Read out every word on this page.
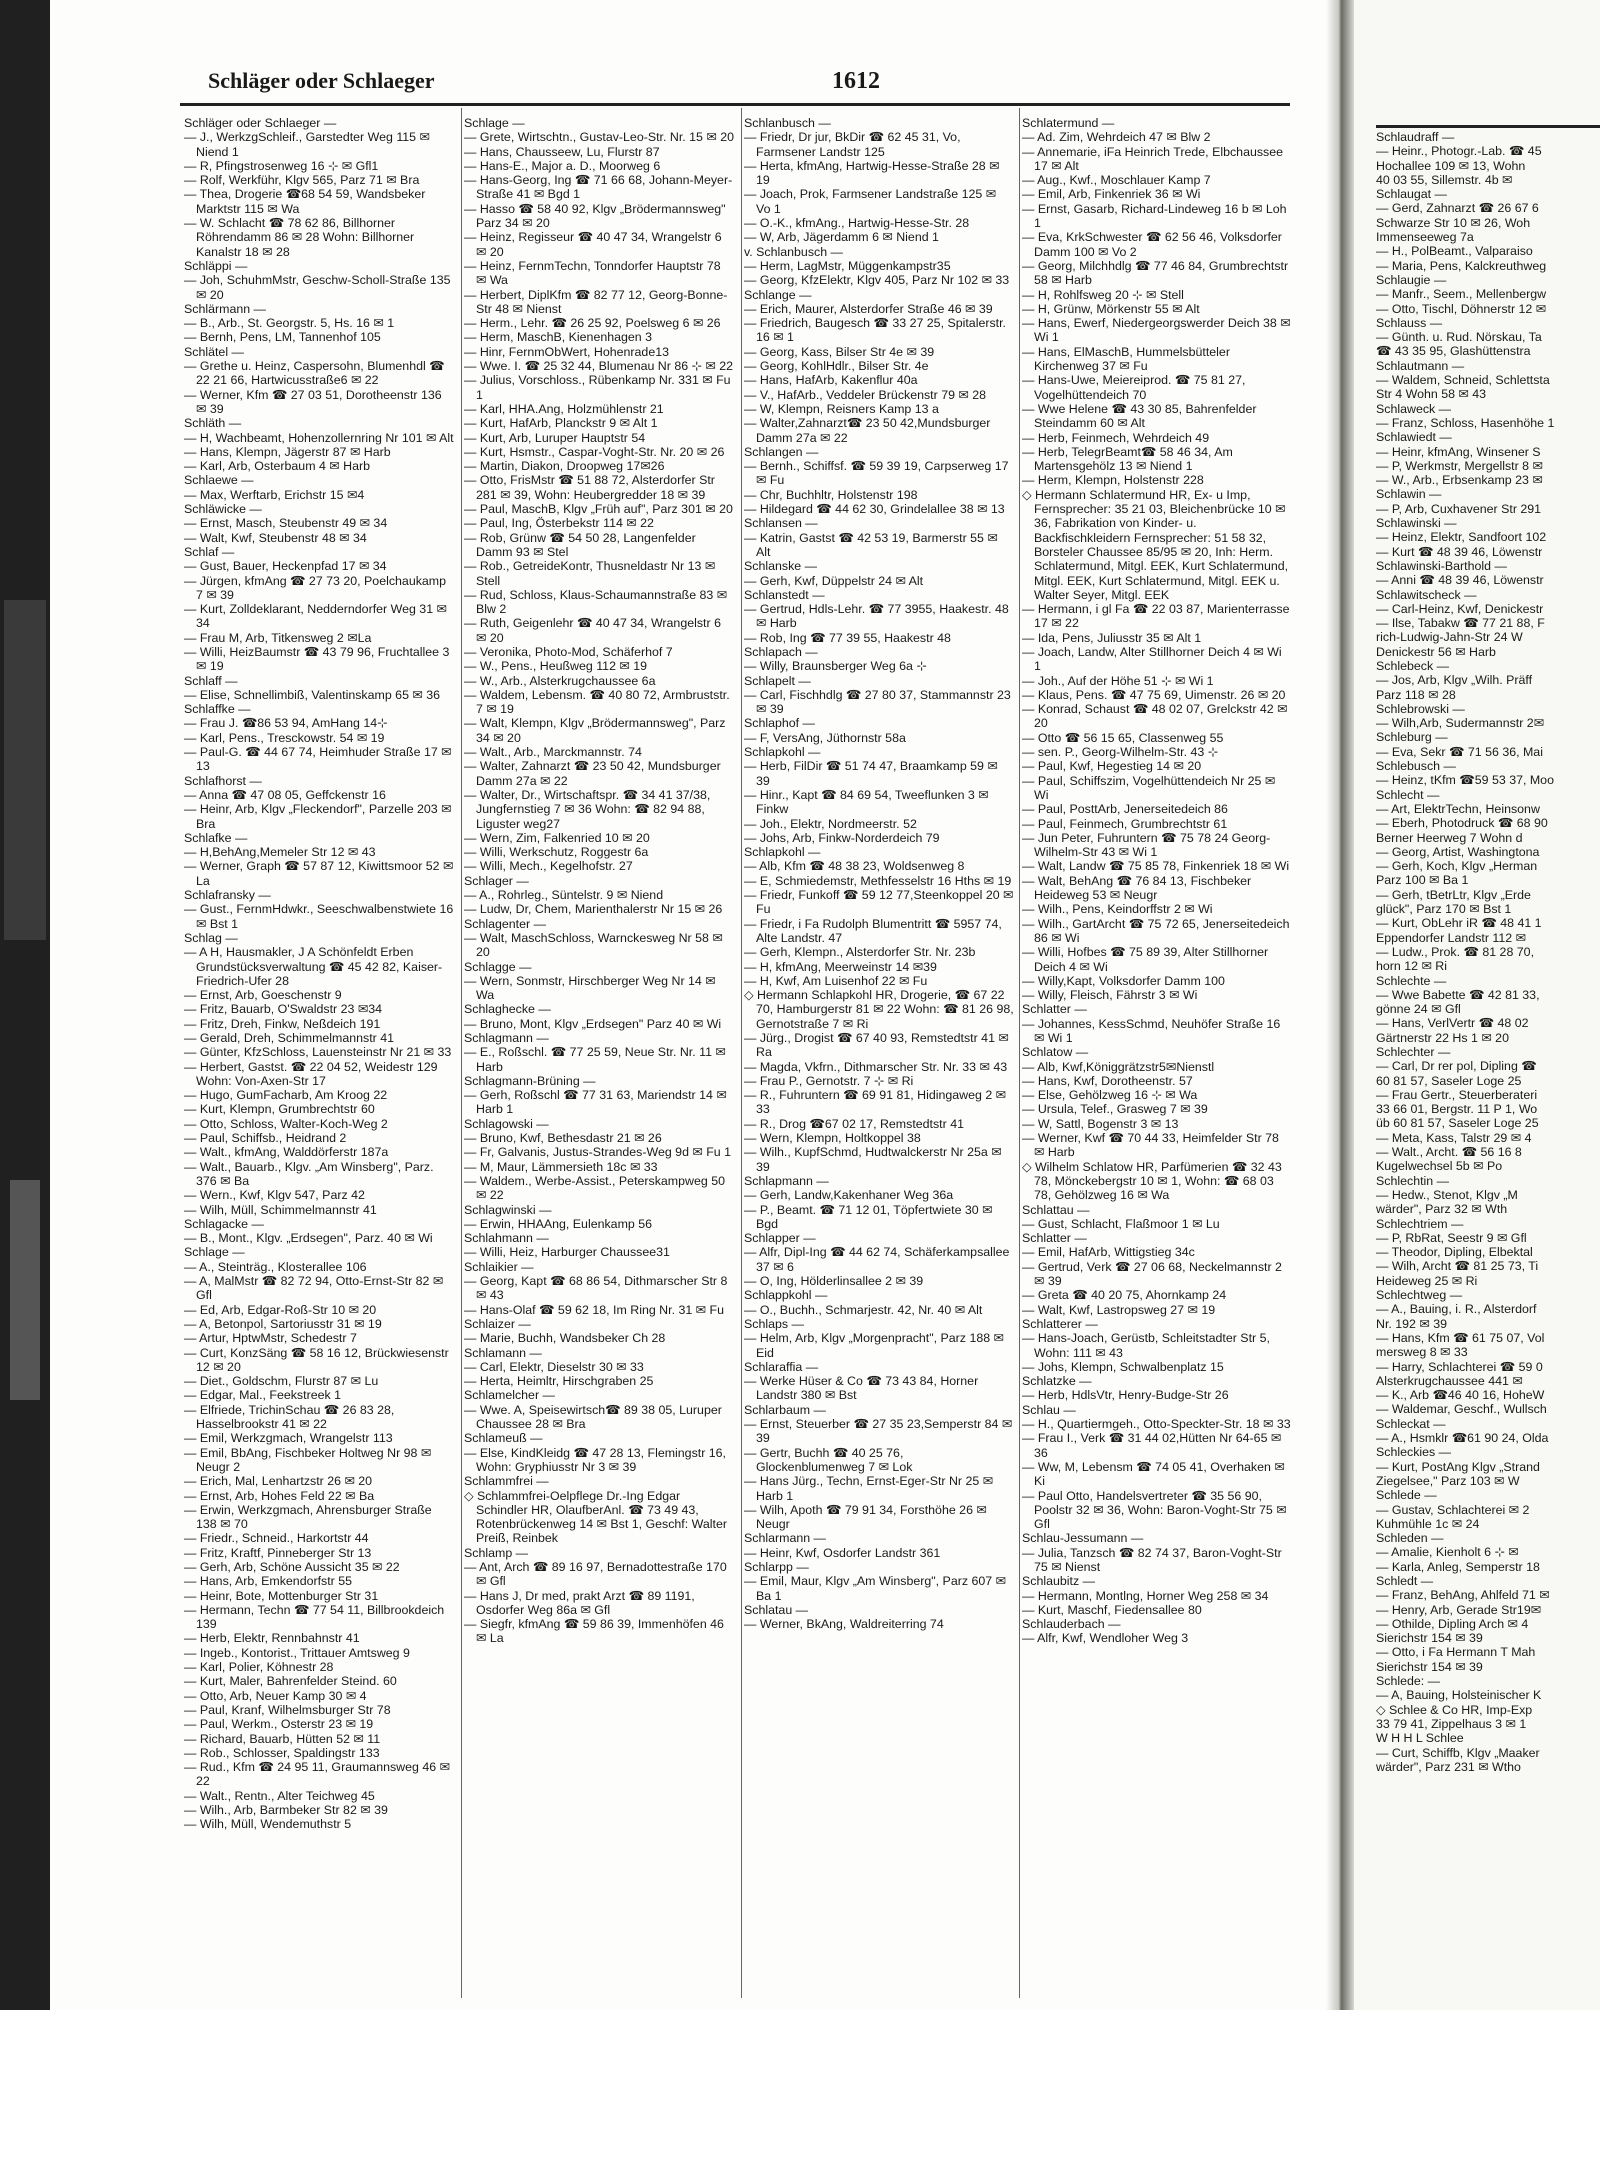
Schläger oder Schlaeger	1612

Schläger oder Schlaeger —

— J., WerkzgSchleif., Garstedter Weg 115 ✉ Niend 1

— R, Pfingstrosenweg 16 ⊹ ✉ Gfl1

— Rolf, Werkführ, Klgv 565, Parz 71 ✉ Bra

— Thea, Drogerie ☎68 54 59, Wandsbeker Marktstr 115 ✉ Wa

— W. Schlacht ☎ 78 62 86, Billhorner Röhrendamm 86 ✉ 28 Wohn: Billhorner Kanalstr 18 ✉ 28

Schläppi —

— Joh, SchuhmMstr, Geschw-Scholl-Straße 135 ✉ 20

Schlärmann —

— B., Arb., St. Georgstr. 5, Hs. 16 ✉ 1

— Bernh, Pens, LM, Tannenhof 105

Schlätel —

— Grethe u. Heinz, Caspersohn, Blumenhdl ☎ 22 21 66, Hartwicusstraße6 ✉ 22

— Werner, Kfm ☎ 27 03 51, Dorotheenstr 136 ✉ 39

Schläth —

— H, Wachbeamt, Hohenzollernring Nr 101 ✉ Alt

— Hans, Klempn, Jägerstr 87 ✉ Harb

— Karl, Arb, Osterbaum 4 ✉ Harb

Schlaewe —

— Max, Werftarb, Erichstr 15 ✉4

Schläwicke —

— Ernst, Masch, Steubenstr 49 ✉ 34

— Walt, Kwf, Steubenstr 48 ✉ 34

Schlaf —

— Gust, Bauer, Heckenpfad 17 ✉ 34

— Jürgen, kfmAng ☎ 27 73 20, Poelchaukamp 7 ✉ 39

— Kurt, Zolldeklarant, Nedderndorfer Weg 31 ✉ 34

— Frau M, Arb, Titkensweg 2 ✉La

— Willi, HeizBaumstr ☎ 43 79 96, Fruchtallee 3 ✉ 19

Schlaff —

— Elise, Schnellimbiß, Valentinskamp 65 ✉ 36

Schlaffke —

— Frau J. ☎86 53 94, AmHang 14⊹

— Karl, Pens., Tresckowstr. 54 ✉ 19

— Paul-G. ☎ 44 67 74, Heimhuder Straße 17 ✉ 13

Schlafhorst —

— Anna ☎ 47 08 05, Geffckenstr 16

— Heinr, Arb, Klgv „Fleckendorf", Parzelle 203 ✉ Bra

Schlafke —

— H,BehAng,Memeler Str 12 ✉ 43

— Werner, Graph ☎ 57 87 12, Kiwittsmoor 52 ✉ La

Schlafransky —

— Gust., FernmHdwkr., Seeschwalbenstwiete 16 ✉ Bst 1

Schlag —

— A H, Hausmakler, J A Schönfeldt Erben Grundstücksverwaltung ☎ 45 42 82, Kaiser-Friedrich-Ufer 28

— Ernst, Arb, Goeschenstr 9

— Fritz, Bauarb, O'Swaldstr 23 ✉34

— Fritz, Dreh, Finkw, Neßdeich 191

— Gerald, Dreh, Schimmelmannstr 41

— Günter, KfzSchloss, Lauensteinstr Nr 21 ✉ 33

— Herbert, Gastst. ☎ 22 04 52, Weidestr 129 Wohn: Von-Axen-Str 17

— Hugo, GumFacharb, Am Kroog 22

— Kurt, Klempn, Grumbrechtstr 60

— Otto, Schloss, Walter-Koch-Weg 2

— Paul, Schiffsb., Heidrand 2

— Walt., kfmAng, Walddörferstr 187a

— Walt., Bauarb., Klgv. „Am Winsberg", Parz. 376 ✉ Ba

— Wern., Kwf, Klgv 547, Parz 42

— Wilh, Müll, Schimmelmannstr 41

Schlagacke —

— B., Mont., Klgv. „Erdsegen", Parz. 40 ✉ Wi

Schlage —

— A., Steinträg., Klosterallee 106

— A, MalMstr ☎ 82 72 94, Otto-Ernst-Str 82 ✉ Gfl

— Ed, Arb, Edgar-Roß-Str 10 ✉ 20

— A, Betonpol, Sartoriusstr 31 ✉ 19

— Artur, HptwMstr, Schedestr 7

— Curt, KonzSäng ☎ 58 16 12, Brückwiesenstr 12 ✉ 20

— Diet., Goldschm, Flurstr 87 ✉ Lu

— Edgar, Mal., Feekstreek 1

— Elfriede, TrichinSchau ☎ 26 83 28, Hasselbrookstr 41 ✉ 22

— Emil, Werkzgmach, Wrangelstr 113

— Emil, BbAng, Fischbeker Holtweg Nr 98 ✉ Neugr 2

— Erich, Mal, Lenhartzstr 26 ✉ 20

— Ernst, Arb, Hohes Feld 22 ✉ Ba

— Erwin, Werkzgmach, Ahrensburger Straße 138 ✉ 70

— Friedr., Schneid., Harkortstr 44

— Fritz, Kraftf, Pinneberger Str 13

— Gerh, Arb, Schöne Aussicht 35 ✉ 22

— Hans, Arb, Emkendorfstr 55

— Heinr, Bote, Mottenburger Str 31

— Hermann, Techn ☎ 77 54 11, Billbrookdeich 139

— Herb, Elektr, Rennbahnstr 41

— Ingeb., Kontorist., Trittauer Amtsweg 9

— Karl, Polier, Köhnestr 28

— Kurt, Maler, Bahrenfelder Steind. 60

— Otto, Arb, Neuer Kamp 30 ✉ 4

— Paul, Kranf, Wilhelmsburger Str 78

— Paul, Werkm., Osterstr 23 ✉ 19

— Richard, Bauarb, Hütten 52 ✉ 11

— Rob., Schlosser, Spaldingstr 133

— Rud., Kfm ☎ 24 95 11, Graumannsweg 46 ✉ 22

— Walt., Rentn., Alter Teichweg 45

— Wilh., Arb, Barmbeker Str 82 ✉ 39

— Wilh, Müll, Wendemuthstr 5

Schlage —

— Grete, Wirtschtn., Gustav-Leo-Str. Nr. 15 ✉ 20

— Hans, Chausseew, Lu, Flurstr 87

— Hans-E., Major a. D., Moorweg 6

— Hans-Georg, Ing ☎ 71 66 68, Johann-Meyer-Straße 41 ✉ Bgd 1

— Hasso ☎ 58 40 92, Klgv „Brödermannsweg" Parz 34 ✉ 20

— Heinz, Regisseur ☎ 40 47 34, Wrangelstr 6 ✉ 20

— Heinz, FernmTechn, Tonndorfer Hauptstr 78 ✉ Wa

— Herbert, DiplKfm ☎ 82 77 12, Georg-Bonne-Str 48 ✉ Nienst

— Herm., Lehr. ☎ 26 25 92, Poelsweg 6 ✉ 26

— Herm, MaschB, Kienenhagen 3

— Hinr, FernmObWert, Hohenrade13

— Wwe. I. ☎ 25 32 44, Blumenau Nr 86 ⊹ ✉ 22

— Julius, Vorschloss., Rübenkamp Nr. 331 ✉ Fu 1

— Karl, HHA.Ang, Holzmühlenstr 21

— Kurt, HafArb, Planckstr 9 ✉ Alt 1

— Kurt, Arb, Luruper Hauptstr 54

— Kurt, Hsmstr., Caspar-Voght-Str. Nr. 20 ✉ 26

— Martin, Diakon, Droopweg 17✉26

— Otto, FrisMstr ☎ 51 88 72, Alsterdorfer Str 281 ✉ 39, Wohn: Heubergredder 18 ✉ 39

— Paul, MaschB, Klgv „Früh auf", Parz 301 ✉ 20

— Paul, Ing, Österbekstr 114 ✉ 22

— Rob, Grünw ☎ 54 50 28, Langenfelder Damm 93 ✉ Stel

— Rob., GetreideKontr, Thusneldastr Nr 13 ✉ Stell

— Rud, Schloss, Klaus-Schaumannstraße 83 ✉ Blw 2

— Ruth, Geigenlehr ☎ 40 47 34, Wrangelstr 6 ✉ 20

— Veronika, Photo-Mod, Schäferhof 7

— W., Pens., Heußweg 112 ✉ 19

— W., Arb., Alsterkrugchaussee 6a

— Waldem, Lebensm. ☎ 40 80 72, Armbruststr. 7 ✉ 19

— Walt, Klempn, Klgv „Brödermannsweg", Parz 34 ✉ 20

— Walt., Arb., Marckmannstr. 74

— Walter, Zahnarzt ☎ 23 50 42, Mundsburger Damm 27a ✉ 22

— Walter, Dr., Wirtschaftspr. ☎ 34 41 37/38, Jungfernstieg 7 ✉ 36 Wohn: ☎ 82 94 88, Liguster weg27

— Wern, Zim, Falkenried 10 ✉ 20

— Willi, Werkschutz, Roggestr 6a

— Willi, Mech., Kegelhofstr. 27

Schlager —

— A., Rohrleg., Süntelstr. 9 ✉ Niend

— Ludw, Dr, Chem, Marienthalerstr Nr 15 ✉ 26

Schlagenter —

— Walt, MaschSchloss, Warnckesweg Nr 58 ✉ 20

Schlagge —

— Wern, Sonmstr, Hirschberger Weg Nr 14 ✉ Wa

Schlaghecke —

— Bruno, Mont, Klgv „Erdsegen" Parz 40 ✉ Wi

Schlagmann —

— E., Roßschl. ☎ 77 25 59, Neue Str. Nr. 11 ✉ Harb

Schlagmann-Brüning —

— Gerh, Roßschl ☎ 77 31 63, Mariendstr 14 ✉ Harb 1

Schlagowski —

— Bruno, Kwf, Bethesdastr 21 ✉ 26

— Fr, Galvanis, Justus-Strandes-Weg 9d ✉ Fu 1

— M, Maur, Lämmersieth 18c ✉ 33

— Waldem., Werbe-Assist., Peterskampweg 50 ✉ 22

Schlagwinski —

— Erwin, HHAAng, Eulenkamp 56

Schlahmann —

— Willi, Heiz, Harburger Chaussee31

Schlaikier —

— Georg, Kapt ☎ 68 86 54, Dithmarscher Str 8 ✉ 43

— Hans-Olaf ☎ 59 62 18, Im Ring Nr. 31 ✉ Fu

Schlaizer —

— Marie, Buchh, Wandsbeker Ch 28

Schlamann —

— Carl, Elektr, Dieselstr 30 ✉ 33

— Herta, Heimltr, Hirschgraben 25

Schlamelcher —

— Wwe. A, Speisewirtsch☎ 89 38 05, Luruper Chaussee 28 ✉ Bra

Schlameuß —

— Else, KindKleidg ☎ 47 28 13, Flemingstr 16, Wohn: Gryphiusstr Nr 3 ✉ 39

Schlammfrei —

◇ Schlammfrei-Oelpflege Dr.-Ing Edgar Schindler HR, OlaufberAnl. ☎ 73 49 43, Rotenbrückenweg 14 ✉ Bst 1, Geschf: Walter Preiß, Reinbek

Schlamp —

— Ant, Arch ☎ 89 16 97, Bernadottestraße 170 ✉ Gfl

— Hans J, Dr med, prakt Arzt ☎ 89 1191, Osdorfer Weg 86a ✉ Gfl

— Siegfr, kfmAng ☎ 59 86 39, Immenhöfen 46 ✉ La

Schlanbusch —

— Friedr, Dr jur, BkDir ☎ 62 45 31, Vo, Farmsener Landstr 125

— Herta, kfmAng, Hartwig-Hesse-Straße 28 ✉ 19

— Joach, Prok, Farmsener Landstraße 125 ✉ Vo 1

— O.-K., kfmAng., Hartwig-Hesse-Str. 28

— W, Arb, Jägerdamm 6 ✉ Niend 1

v. Schlanbusch —

— Herm, LagMstr, Müggenkampstr35

— Georg, KfzElektr, Klgv 405, Parz Nr 102 ✉ 33

Schlange —

— Erich, Maurer, Alsterdorfer Straße 46 ✉ 39

— Friedrich, Baugesch ☎ 33 27 25, Spitalerstr. 16 ✉ 1

— Georg, Kass, Bilser Str 4e ✉ 39

— Georg, KohlHdlr., Bilser Str. 4e

— Hans, HafArb, Kakenflur 40a

— V., HafArb., Veddeler Brückenstr 79 ✉ 28

— W, Klempn, Reisners Kamp 13 a

— Walter,Zahnarzt☎ 23 50 42,Mundsburger Damm 27a ✉ 22

Schlangen —

— Bernh., Schiffsf. ☎ 59 39 19, Carpserweg 17 ✉ Fu

— Chr, Buchhltr, Holstenstr 198

— Hildegard ☎ 44 62 30, Grindelallee 38 ✉ 13

Schlansen —

— Katrin, Gastst ☎ 42 53 19, Barmerstr 55 ✉ Alt

Schlanske —

— Gerh, Kwf, Düppelstr 24 ✉ Alt

Schlanstedt —

— Gertrud, Hdls-Lehr. ☎ 77 3955, Haakestr. 48 ✉ Harb

— Rob, Ing ☎ 77 39 55, Haakestr 48

Schlapach —

— Willy, Braunsberger Weg 6a ⊹

Schlapelt —

— Carl, Fischhdlg ☎ 27 80 37, Stammannstr 23 ✉ 39

Schlaphof —

— F, VersAng, Jüthornstr 58a

Schlapkohl —

— Herb, FilDir ☎ 51 74 47, Braamkamp 59 ✉ 39

— Hinr., Kapt ☎ 84 69 54, Tweeflunken 3 ✉ Finkw

— Joh., Elektr, Nordmeerstr. 52

— Johs, Arb, Finkw-Norderdeich 79

Schlapkohl —

— Alb, Kfm ☎ 48 38 23, Woldsenweg 8

— E, Schmiedemstr, Methfesselstr 16 Hths ✉ 19

— Friedr, Funkoff ☎ 59 12 77,Steenkoppel 20 ✉ Fu

— Friedr, i Fa Rudolph Blumentritt ☎ 5957 74, Alte Landstr. 47

— Gerh, Klempn., Alsterdorfer Str. Nr. 23b

— H, kfmAng, Meerweinstr 14 ✉39

— H, Kwf, Am Luisenhof 22 ✉ Fu

◇ Hermann Schlapkohl HR, Drogerie, ☎ 67 22 70, Hamburgerstr 81 ✉ 22 Wohn: ☎ 81 26 98, Gernotstraße 7 ✉ Ri

— Jürg., Drogist ☎ 67 40 93, Remstedtstr 41 ✉ Ra

— Magda, Vkfrn., Dithmarscher Str. Nr. 33 ✉ 43

— Frau P., Gernotstr. 7 ⊹ ✉ Ri

— R., Fuhruntern ☎ 69 91 81, Hidingaweg 2 ✉ 33

— R., Drog ☎67 02 17, Remstedtstr 41

— Wern, Klempn, Holtkoppel 38

— Wilh., KupfSchmd, Hudtwalckerstr Nr 25a ✉ 39

Schlapmann —

— Gerh, Landw,Kakenhaner Weg 36a

— P., Beamt. ☎ 71 12 01, Töpfertwiete 30 ✉ Bgd

Schlapper —

— Alfr, Dipl-Ing ☎ 44 62 74, Schäferkampsallee 37 ✉ 6

— O, Ing, Hölderlinsallee 2 ✉ 39

Schlappkohl —

— O., Buchh., Schmarjestr. 42, Nr. 40 ✉ Alt

Schlaps —

— Helm, Arb, Klgv „Morgenpracht", Parz 188 ✉ Eid

Schlaraffia —

— Werke Hüser & Co ☎ 73 43 84, Horner Landstr 380 ✉ Bst

Schlarbaum —

— Ernst, Steuerber ☎ 27 35 23,Semperstr 84 ✉ 39

— Gertr, Buchh ☎ 40 25 76, Glockenblumenweg 7 ✉ Lok

— Hans Jürg., Techn, Ernst-Eger-Str Nr 25 ✉ Harb 1

— Wilh, Apoth ☎ 79 91 34, Forsthöhe 26 ✉ Neugr

Schlarmann —

— Heinr, Kwf, Osdorfer Landstr 361

Schlarpp —

— Emil, Maur, Klgv „Am Winsberg", Parz 607 ✉ Ba 1

Schlatau —

— Werner, BkAng, Waldreiterring 74

Schlatermund —

— Ad. Zim, Wehrdeich 47 ✉ Blw 2

— Annemarie, iFa Heinrich Trede, Elbchaussee 17 ✉ Alt

— Aug., Kwf., Moschlauer Kamp 7

— Emil, Arb, Finkenriek 36 ✉ Wi

— Ernst, Gasarb, Richard-Lindeweg 16 b ✉ Loh 1

— Eva, KrkSchwester ☎ 62 56 46, Volksdorfer Damm 100 ✉ Vo 2

— Georg, Milchhdlg ☎ 77 46 84, Grumbrechtstr 58 ✉ Harb

— H, Rohlfsweg 20 ⊹ ✉ Stell

— H, Grünw, Mörkenstr 55 ✉ Alt

— Hans, Ewerf, Niedergeorgswerder Deich 38 ✉ Wi 1

— Hans, ElMaschB, Hummelsbütteler Kirchenweg 37 ✉ Fu

— Hans-Uwe, Meiereiprod. ☎ 75 81 27, Vogelhüttendeich 70

— Wwe Helene ☎ 43 30 85, Bahrenfelder Steindamm 60 ✉ Alt

— Herb, Feinmech, Wehrdeich 49

— Herb, TelegrBeamt☎ 58 46 34, Am Martensgehölz 13 ✉ Niend 1

— Herm, Klempn, Holstenstr 228

◇ Hermann Schlatermund HR, Ex- u Imp, Fernsprecher: 35 21 03, Bleichenbrücke 10 ✉ 36, Fabrikation von Kinder- u. Backfischkleidern Fernsprecher: 51 58 32, Borsteler Chaussee 85/95 ✉ 20, Inh: Herm. Schlatermund, Mitgl. EEK, Kurt Schlatermund, Mitgl. EEK, Kurt Schlatermund, Mitgl. EEK u. Walter Seyer, Mitgl. EEK

— Hermann, i gl Fa ☎ 22 03 87, Marienterrasse 17 ✉ 22

— Ida, Pens, Juliusstr 35 ✉ Alt 1

— Joach, Landw, Alter Stillhorner Deich 4 ✉ Wi 1

— Joh., Auf der Höhe 51 ⊹ ✉ Wi 1

— Klaus, Pens. ☎ 47 75 69, Uimenstr. 26 ✉ 20

— Konrad, Schaust ☎ 48 02 07, Grelckstr 42 ✉ 20

— Otto ☎ 56 15 65, Classenweg 55

— sen. P., Georg-Wilhelm-Str. 43 ⊹

— Paul, Kwf, Hegestieg 14 ✉ 20

— Paul, Schiffszim, Vogelhüttendeich Nr 25 ✉ Wi

— Paul, PosttArb, Jenerseitedeich 86

— Paul, Feinmech, Grumbrechtstr 61

— Jun Peter, Fuhruntern ☎ 75 78 24 Georg-Wilhelm-Str 43 ✉ Wi 1

— Walt, Landw ☎ 75 85 78, Finkenriek 18 ✉ Wi

— Walt, BehAng ☎ 76 84 13, Fischbeker Heideweg 53 ✉ Neugr

— Wilh., Pens, Keindorffstr 2 ✉ Wi

— Wilh., GartArcht ☎ 75 72 65, Jenerseitedeich 86 ✉ Wi

— Willi, Hofbes ☎ 75 89 39, Alter Stillhorner Deich 4 ✉ Wi

— Willy,Kapt, Volksdorfer Damm 100

— Willy, Fleisch, Fährstr 3 ✉ Wi

Schlatter —

— Johannes, KessSchmd, Neuhöfer Straße 16 ✉ Wi 1

Schlatow —

— Alb, Kwf,Königgrätzstr5✉Nienstl

— Hans, Kwf, Dorotheenstr. 57

— Else, Gehölzweg 16 ⊹ ✉ Wa

— Ursula, Telef., Grasweg 7 ✉ 39

— W, Sattl, Bogenstr 3 ✉ 13

— Werner, Kwf ☎ 70 44 33, Heimfelder Str 78 ✉ Harb

◇ Wilhelm Schlatow HR, Parfümerien ☎ 32 43 78, Mönckebergstr 10 ✉ 1, Wohn: ☎ 68 03 78, Gehölzweg 16 ✉ Wa

Schlattau —

— Gust, Schlacht, Flaßmoor 1 ✉ Lu

Schlatter —

— Emil, HafArb, Wittigstieg 34c

— Gertrud, Verk ☎ 27 06 68, Neckelmannstr 2 ✉ 39

— Greta ☎ 40 20 75, Ahornkamp 24

— Walt, Kwf, Lastropsweg 27 ✉ 19

Schlatterer —

— Hans-Joach, Gerüstb, Schleitstadter Str 5, Wohn: 111 ✉ 43

— Johs, Klempn, Schwalbenplatz 15

Schlatzke —

— Herb, HdlsVtr, Henry-Budge-Str 26

Schlau —

— H., Quartiermgeh., Otto-Speckter-Str. 18 ✉ 33

— Frau I., Verk ☎ 31 44 02,Hütten Nr 64-65 ✉ 36

— Ww, M, Lebensm ☎ 74 05 41, Overhaken ✉ Ki

— Paul Otto, Handelsvertreter ☎ 35 56 90, Poolstr 32 ✉ 36, Wohn: Baron-Voght-Str 75 ✉ Gfl

Schlau-Jessumann —

— Julia, Tanzsch ☎ 82 74 37, Baron-Voght-Str 75 ✉ Nienst

Schlaubitz —

— Hermann, Montlng, Horner Weg 258 ✉ 34

— Kurt, Maschf, Fiedensallee 80

Schlauderbach —

— Alfr, Kwf, Wendloher Weg 3

Schlaudraff —

— Heinr., Photogr.-Lab. ☎ 45

Hochallee 109 ✉ 13, Wohn

40 03 55, Sillemstr. 4b ✉

Schlaugat —

— Gerd, Zahnarzt ☎ 26 67 6

Schwarze Str 10 ✉ 26, Woh

Immenseeweg 7a

— H., PolBeamt., Valparaiso

— Maria, Pens, Kalckreuthweg

Schlaugie —

— Manfr., Seem., Mellenbergw

— Otto, Tischl, Döhnerstr 12 ✉

Schlauss —

— Günth. u. Rud. Nörskau, Ta

☎ 43 35 95, Glashüttenstra

Schlautmann —

— Waldem, Schneid, Schlettsta

Str 4 Wohn 58 ✉ 43

Schlaweck —

— Franz, Schloss, Hasenhöhe 1

Schlawiedt —

— Heinr, kfmAng, Winsener S

— P, Werkmstr, Mergellstr 8 ✉

— W., Arb., Erbsenkamp 23 ✉

Schlawin —

— P, Arb, Cuxhavener Str 291

Schlawinski —

— Heinz, Elektr, Sandfoort 102

— Kurt ☎ 48 39 46, Löwenstr

Schlawinski-Barthold —

— Anni ☎ 48 39 46, Löwenstr

Schlawitscheck —

— Carl-Heinz, Kwf, Denickestr

— Ilse, Tabakw ☎ 77 21 88, F

rich-Ludwig-Jahn-Str 24 W

Denickestr 56 ✉ Harb

Schlebeck —

— Jos, Arb, Klgv „Wilh. Präff

Parz 118 ✉ 28

Schlebrowski —

— Wilh,Arb, Sudermannstr 2✉

Schleburg —

— Eva, Sekr ☎ 71 56 36, Mai

Schlebusch —

— Heinz, tKfm ☎59 53 37, Moo

Schlecht —

— Art, ElektrTechn, Heinsonw

— Eberh, Photodruck ☎ 68 90

Berner Heerweg 7 Wohn d

— Georg, Artist, Washingtona

— Gerh, Koch, Klgv „Herman

Parz 100 ✉ Ba 1

— Gerh, tBetrLtr, Klgv „Erde

glück", Parz 170 ✉ Bst 1

— Kurt, ObLehr iR ☎ 48 41 1

Eppendorfer Landstr 112 ✉

— Ludw., Prok. ☎ 81 28 70,

horn 12 ✉ Ri

Schlechte —

— Wwe Babette ☎ 42 81 33,

gönne 24 ✉ Gfl

— Hans, VerlVertr ☎ 48 02

Gärtnerstr 22 Hs 1 ✉ 20

Schlechter —

— Carl, Dr rer pol, Dipling ☎

60 81 57, Saseler Loge 25

— Frau Gertr., Steuerberateri

33 66 01, Bergstr. 11 P 1, Wo

üb 60 81 57, Saseler Loge 25

— Meta, Kass, Talstr 29 ✉ 4

— Walt., Archt. ☎ 56 16 8

Kugelwechsel 5b ✉ Po

Schlechtin —

— Hedw., Stenot, Klgv „M

wärder", Parz 32 ✉ Wth

Schlechtriem —

— P, RbRat, Seestr 9 ✉ Gfl

— Theodor, Dipling, Elbektal

— Wilh, Archt ☎ 81 25 73, Ti

Heideweg 25 ✉ Ri

Schlechtweg —

— A., Bauing, i. R., Alsterdorf

Nr. 192 ✉ 39

— Hans, Kfm ☎ 61 75 07, Vol

mersweg 8 ✉ 33

— Harry, Schlachterei ☎ 59 0

Alsterkrugchaussee 441 ✉

— K., Arb ☎46 40 16, HoheW

— Waldemar, Geschf., Wullsch

Schleckat —

— A., Hsmklr ☎61 90 24, Olda

Schleckies —

— Kurt, PostAng Klgv „Strand

Ziegelsee," Parz 103 ✉ W

Schlede —

— Gustav, Schlachterei ✉ 2

Kuhmühle 1c ✉ 24

Schleden —

— Amalie, Kienholt 6 ⊹ ✉

— Karla, Anleg, Semperstr 18

Schledt —

— Franz, BehAng, Ahlfeld 71 ✉

— Henry, Arb, Gerade Str19✉

— Othilde, Dipling Arch ✉ 4

Sierichstr 154 ✉ 39

— Otto, i Fa Hermann T Mah

Sierichstr 154 ✉ 39

Schlede: —

— A, Bauing, Holsteinischer K

◇ Schlee & Co HR, Imp-Exp

33 79 41, Zippelhaus 3 ✉ 1

W H H L Schlee

— Curt, Schiffb, Klgv „Maaker

wärder", Parz 231 ✉ Wtho
